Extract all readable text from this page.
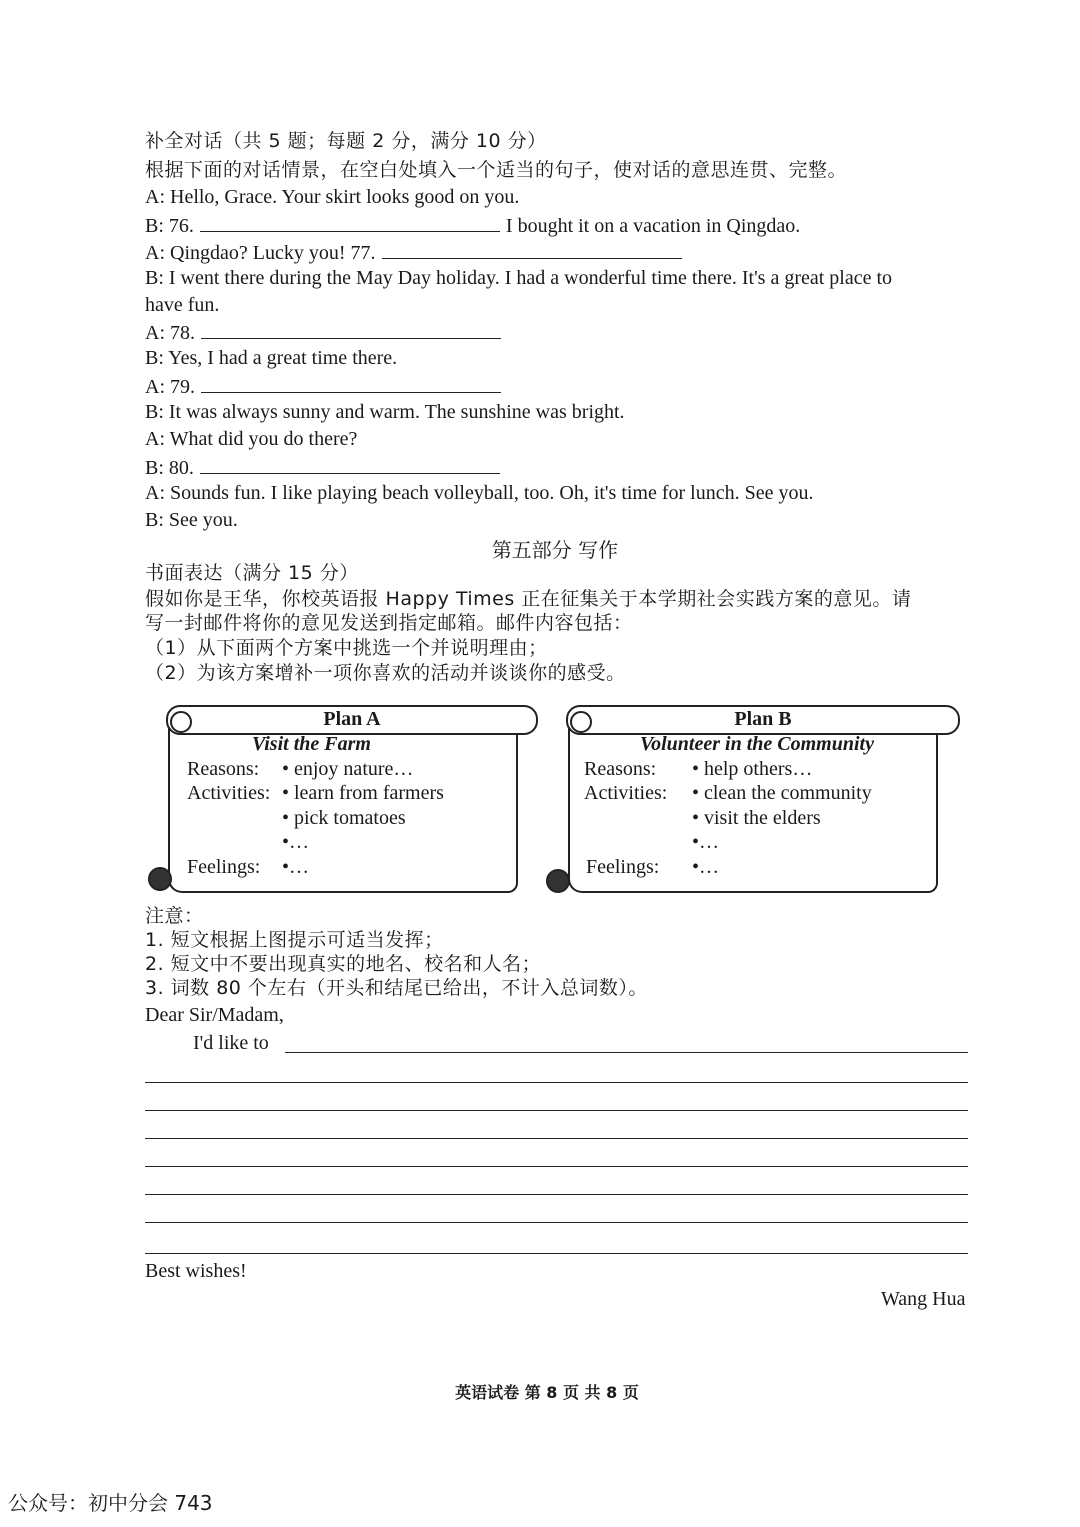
补全对话（共 5 题；每题 2 分，满分 10 分）
根据下面的对话情景，在空白处填入一个适当的句子，使对话的意思连贯、完整。
A: Hello, Grace. Your skirt looks good on you.
B: 76.	I bought it on a vacation in Qingdao.
A: Qingdao? Lucky you! 77.
B: I went there during the May Day holiday. I had a wonderful time there. It's a great place to
have fun.
A: 78.
B: Yes, I had a great time there.
A: 79.
B: It was always sunny and warm. The sunshine was bright.
A: What did you do there?
B: 80.
A: Sounds fun. I like playing beach volleyball, too. Oh, it's time for lunch. See you.
B: See you.
第五部分 写作
书面表达（满分 15 分）
假如你是王华，你校英语报 Happy Times 正在征集关于本学期社会实践方案的意见。请
写一封邮件将你的意见发送到指定邮箱。邮件内容包括：
（1）从下面两个方案中挑选一个并说明理由；
（2）为该方案增补一项你喜欢的活动并谈谈你的感受。
Plan A
Visit the Farm
Reasons: • enjoy nature…
Activities: • learn from farmers
• pick tomatoes
•…
Feelings: •…
Plan B
Volunteer in the Community
Reasons: • help others…
Activities: • clean the community
• visit the elders
•…
Feelings: •…
注意：
1. 短文根据上图提示可适当发挥；
2. 短文中不要出现真实的地名、校名和人名；
3. 词数 80 个左右（开头和结尾已给出，不计入总词数）。
Dear Sir/Madam,
I'd like to
Best wishes!
Wang Hua
英语试卷 第 8 页 共 8 页
公众号：初中分会 743
